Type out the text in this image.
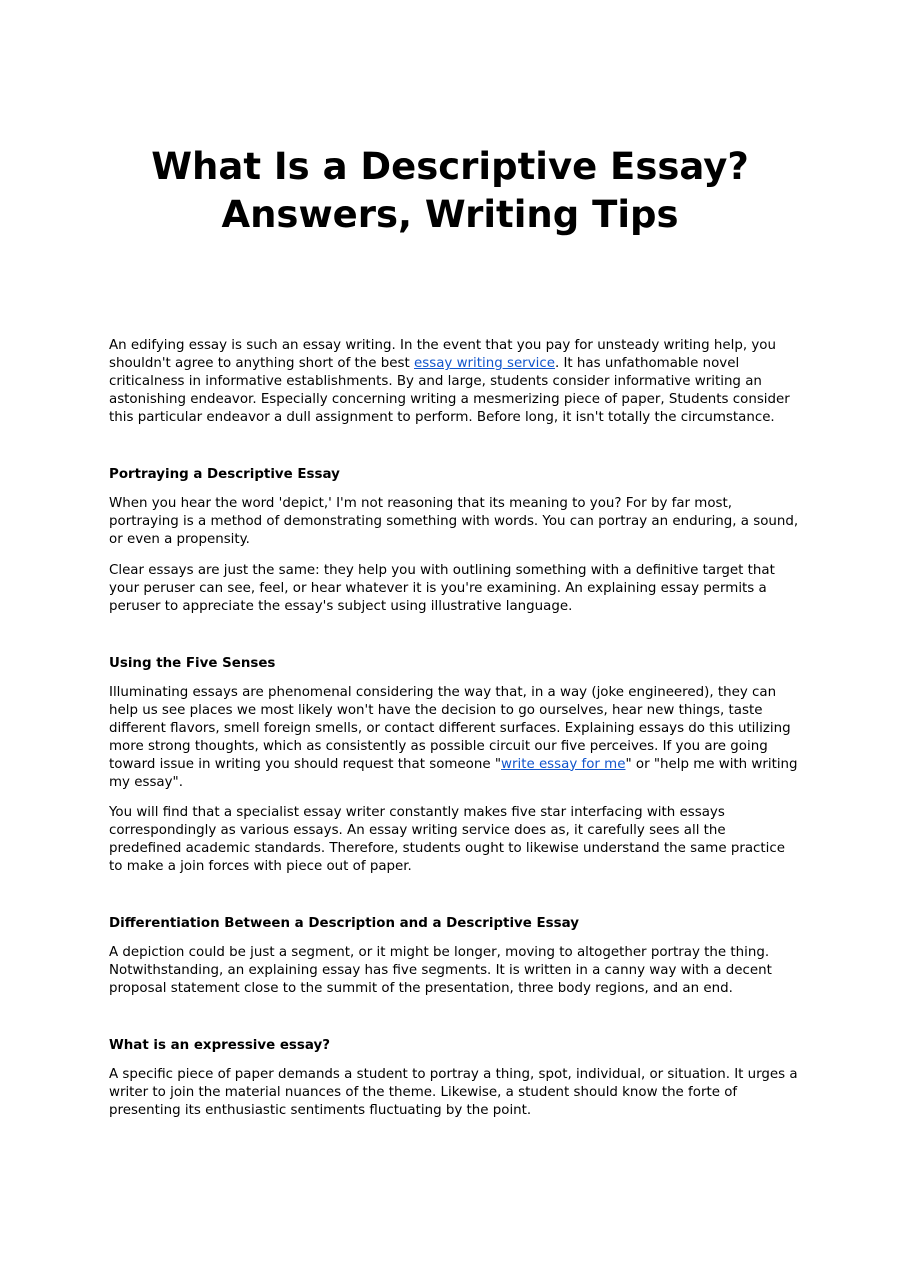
What Is a Descriptive Essay?
Answers, Writing Tips

An edifying essay is such an essay writing. In the event that you pay for unsteady writing help, you shouldn't agree to anything short of the best essay writing service. It has unfathomable novel criticalness in informative establishments. By and large, students consider informative writing an astonishing endeavor. Especially concerning writing a mesmerizing piece of paper, Students consider this particular endeavor a dull assignment to perform. Before long, it isn't totally the circumstance.

Portraying a Descriptive Essay

When you hear the word 'depict,' I'm not reasoning that its meaning to you? For by far most, portraying is a method of demonstrating something with words. You can portray an enduring, a sound, or even a propensity.

Clear essays are just the same: they help you with outlining something with a definitive target that your peruser can see, feel, or hear whatever it is you're examining. An explaining essay permits a peruser to appreciate the essay's subject using illustrative language.

Using the Five Senses

Illuminating essays are phenomenal considering the way that, in a way (joke engineered), they can help us see places we most likely won't have the decision to go ourselves, hear new things, taste different flavors, smell foreign smells, or contact different surfaces. Explaining essays do this utilizing more strong thoughts, which as consistently as possible circuit our five perceives. If you are going toward issue in writing you should request that someone "write essay for me" or "help me with writing my essay".

You will find that a specialist essay writer constantly makes five star interfacing with essays correspondingly as various essays. An essay writing service does as, it carefully sees all the predefined academic standards. Therefore, students ought to likewise understand the same practice to make a join forces with piece out of paper.

Differentiation Between a Description and a Descriptive Essay

A depiction could be just a segment, or it might be longer, moving to altogether portray the thing. Notwithstanding, an explaining essay has five segments. It is written in a canny way with a decent proposal statement close to the summit of the presentation, three body regions, and an end.

What is an expressive essay?

A specific piece of paper demands a student to portray a thing, spot, individual, or situation. It urges a writer to join the material nuances of the theme. Likewise, a student should know the forte of presenting its enthusiastic sentiments fluctuating by the point.
